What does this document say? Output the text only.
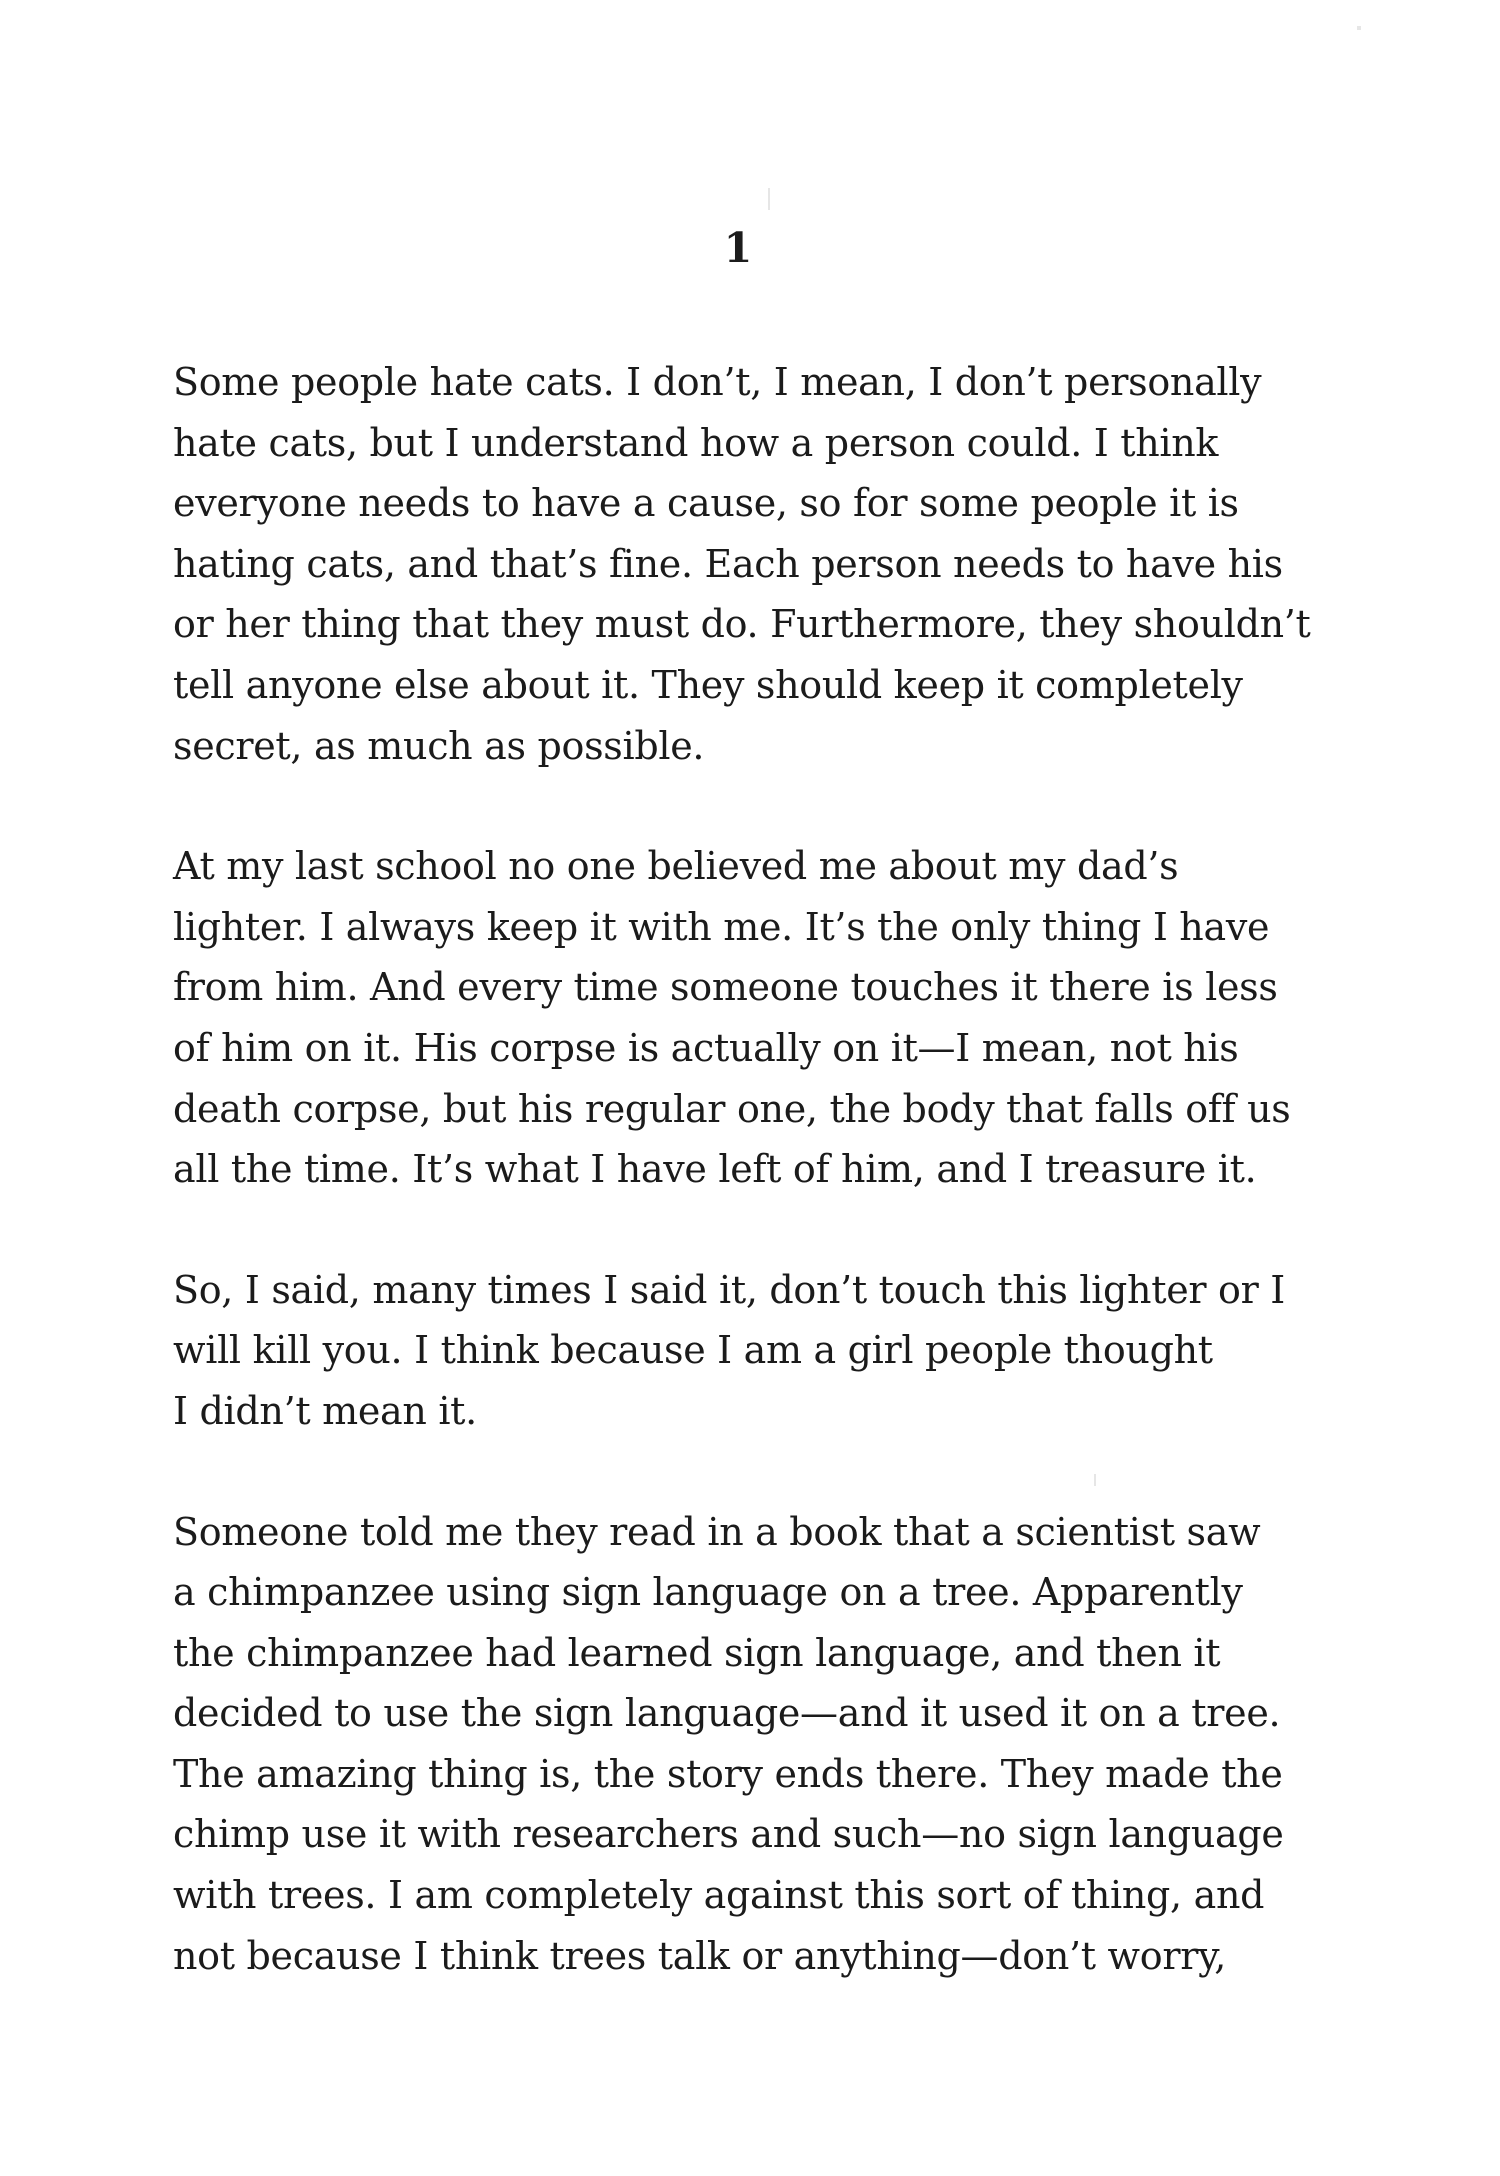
1
Some people hate cats. I don’t, I mean, I don’t personally
hate cats, but I understand how a person could. I think
everyone needs to have a cause, so for some people it is
hating cats, and that’s fine. Each person needs to have his
or her thing that they must do. Furthermore, they shouldn’t
tell anyone else about it. They should keep it completely
secret, as much as possible.
At my last school no one believed me about my dad’s
lighter. I always keep it with me. It’s the only thing I have
from him. And every time someone touches it there is less
of him on it. His corpse is actually on it—I mean, not his
death corpse, but his regular one, the body that falls off us
all the time. It’s what I have left of him, and I treasure it.
So, I said, many times I said it, don’t touch this lighter or I
will kill you. I think because I am a girl people thought
I didn’t mean it.
Someone told me they read in a book that a scientist saw
a chimpanzee using sign language on a tree. Apparently
the chimpanzee had learned sign language, and then it
decided to use the sign language—and it used it on a tree.
The amazing thing is, the story ends there. They made the
chimp use it with researchers and such—no sign language
with trees. I am completely against this sort of thing, and
not because I think trees talk or anything—don’t worry,
